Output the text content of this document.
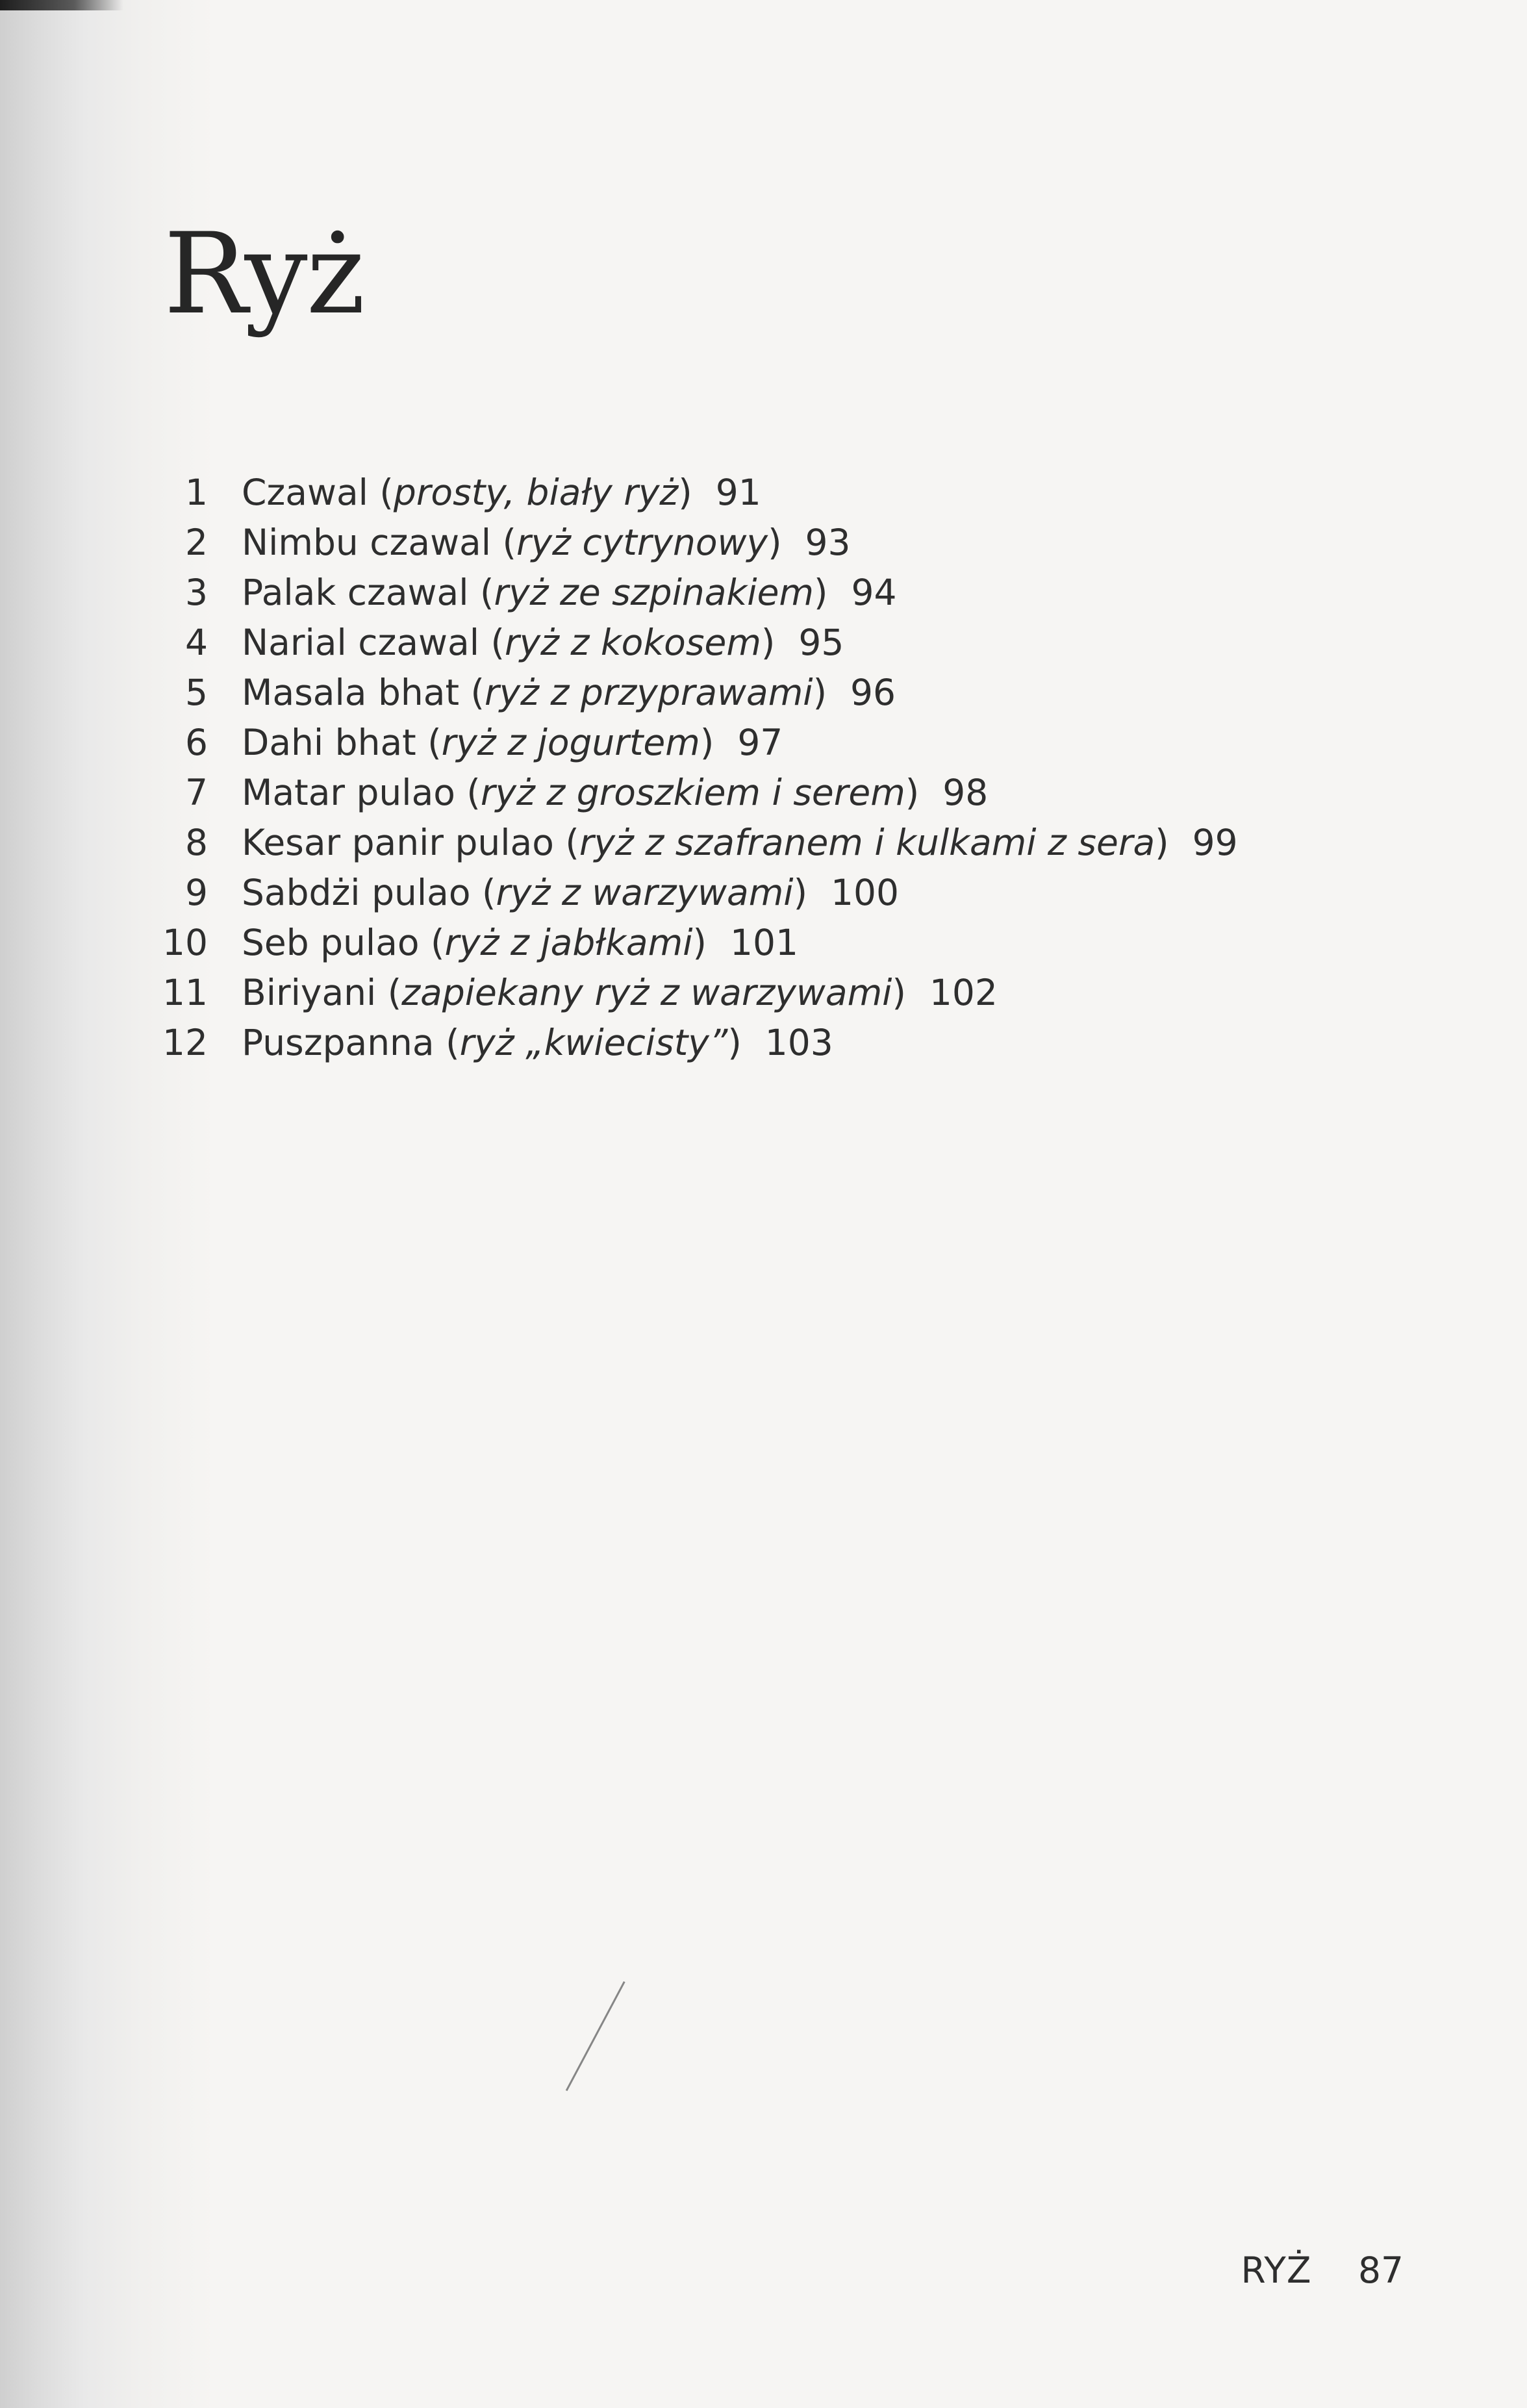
Ryż
1 Czawal ( prosty, biały ryż ) 91
2 Nimbu czawal ( ryż cytrynowy ) 93
3 Palak czawal ( ryż ze szpinakiem ) 94
4 Narial czawal ( ryż z kokosem ) 95
5 Masala bhat ( ryż z przyprawami ) 96
6 Dahi bhat ( ryż z jogurtem ) 97
7 Matar pulao ( ryż z groszkiem i serem ) 98
8 Kesar panir pulao ( ryż z szafranem i kulkami z sera ) 99
9 Sabdżi pulao ( ryż z warzywami ) 100
10 Seb pulao ( ryż z jabłkami ) 101
11 Biriyani ( zapiekany ryż z warzywami ) 102
12 Puszpanna ( ryż „kwiecisty” ) 103
RYŻ 87
